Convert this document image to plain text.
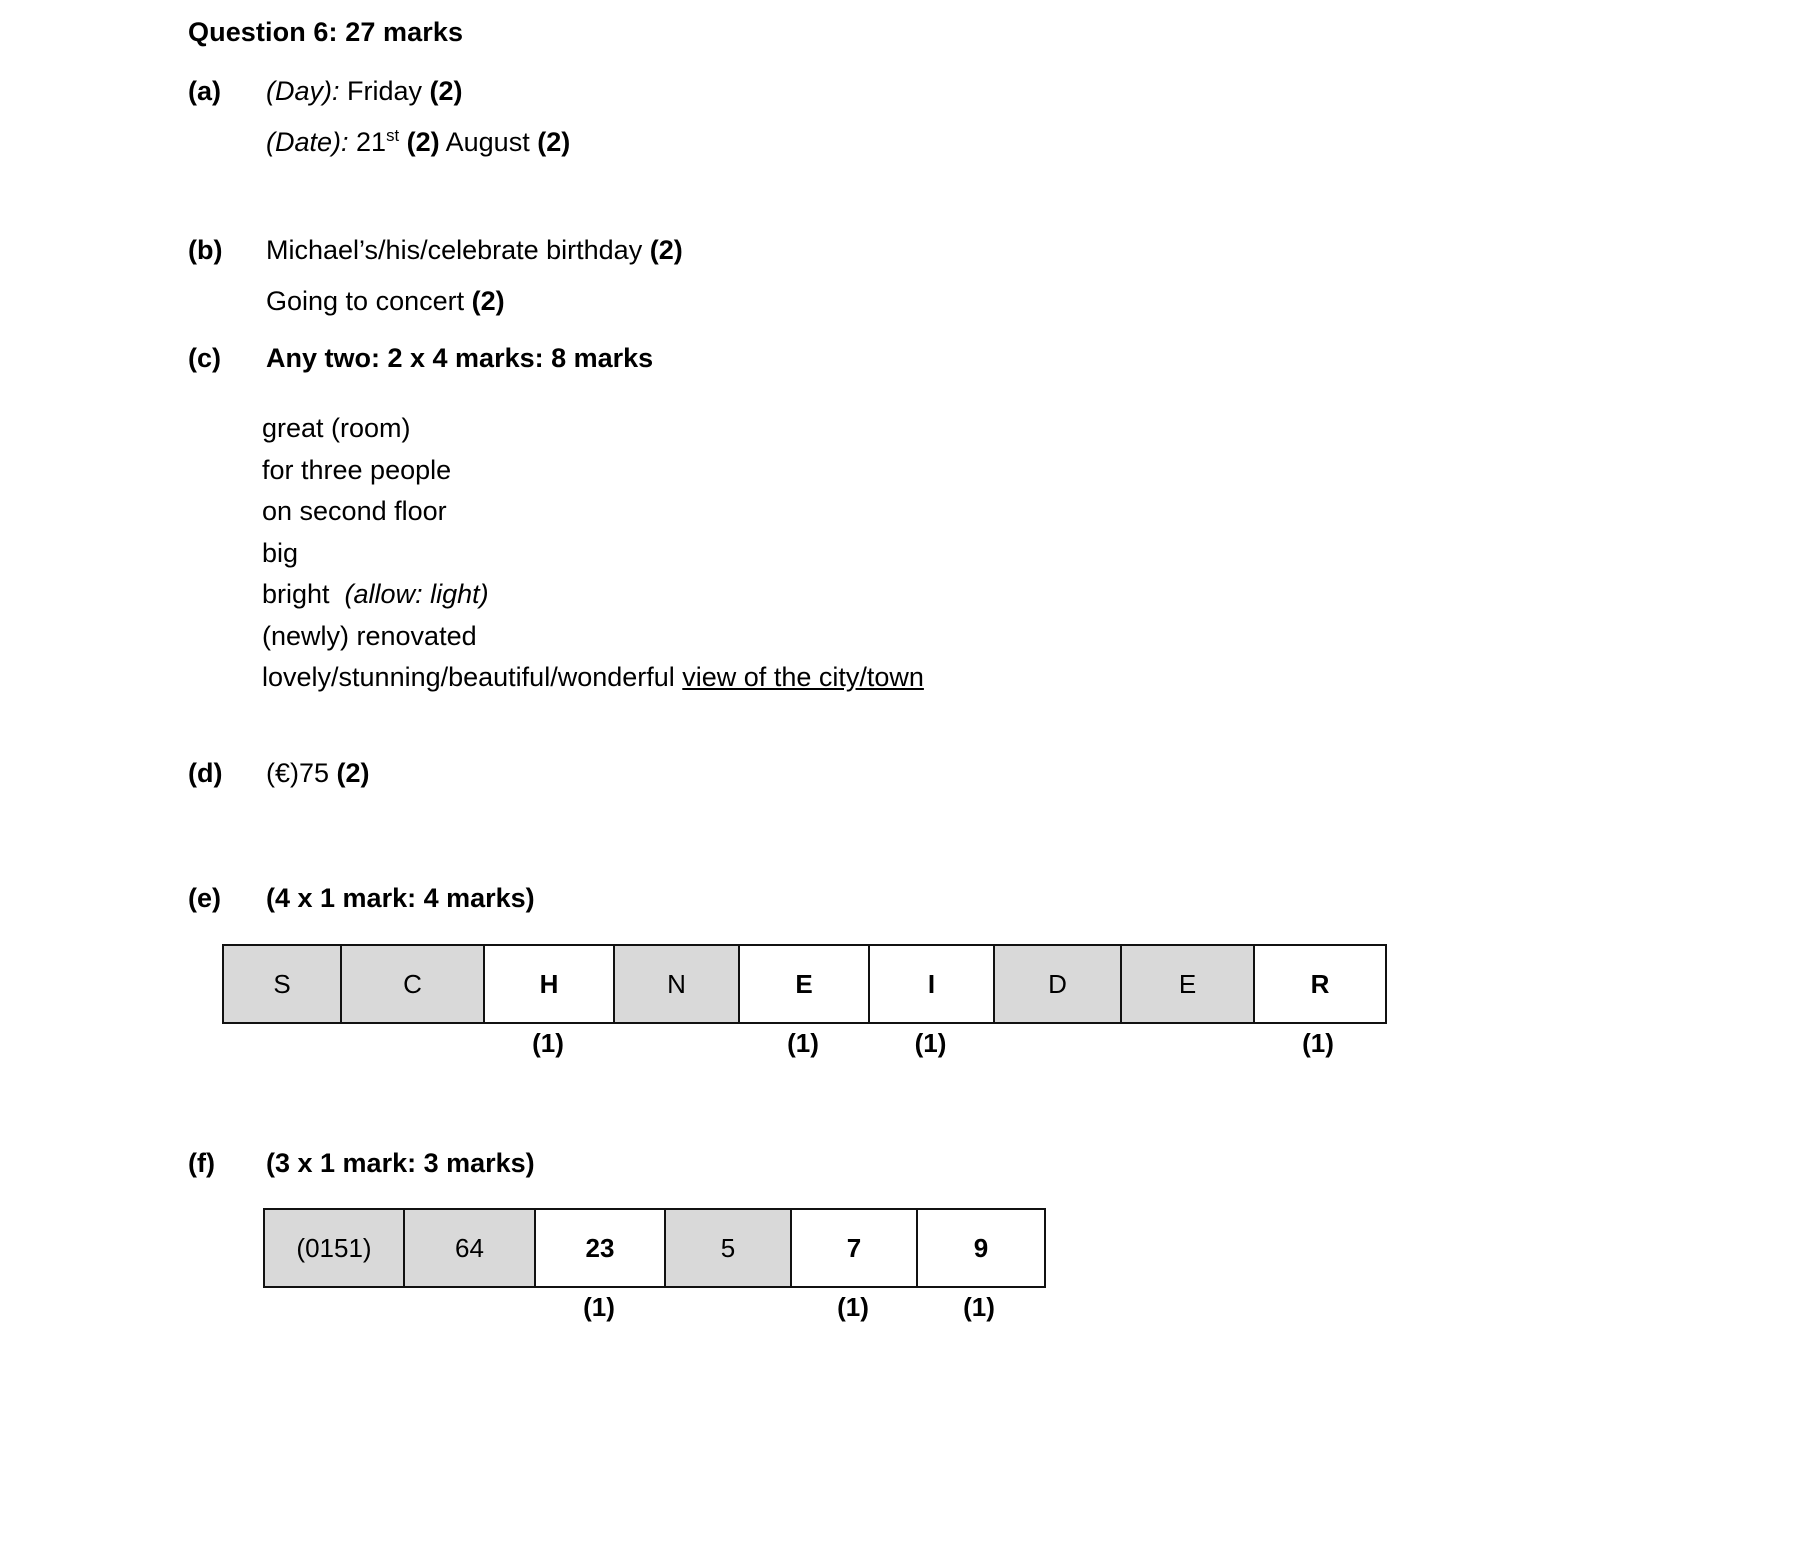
Question 6: 27 marks
(a)	(Day): Friday (2)
(Date): 21st (2) August (2)
(b)	Michael’s/his/celebrate birthday (2)
Going to concert (2)
(c)	Any two: 2 x 4 marks: 8 marks
great (room)
for three people
on second floor
big
bright  (allow: light)
(newly) renovated
lovely/stunning/beautiful/wonderful view of the city/town
(d)	(€)75 (2)
(e)	(4 x 1 mark: 4 marks)
S	C	H	N	E	I	D	E	R
(1)	(1)	(1)	(1)
(f)	(3 x 1 mark: 3 marks)
(0151)	64	23	5	7	9
(1)	(1)	(1)
